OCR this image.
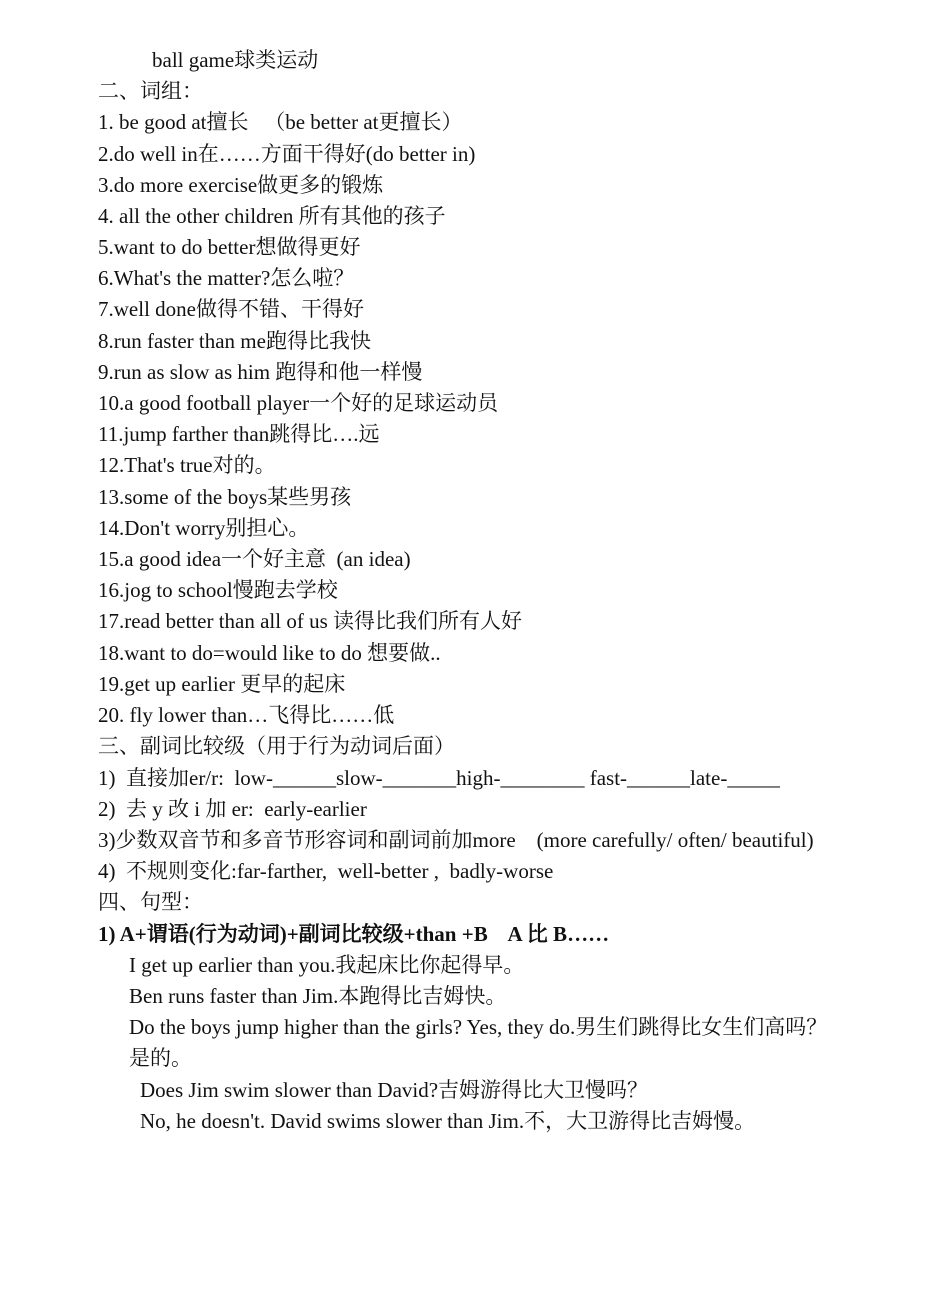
ball game球类运动
二、词组：
1. be good at擅长   （be better at更擅长）
2.do well in在……方面干得好(do better in)
3.do more exercise做更多的锻炼
4. all the other children 所有其他的孩子
5.want to do better想做得更好
6.What's the matter?怎么啦？
7.well done做得不错、干得好
8.run faster than me跑得比我快
9.run as slow as him 跑得和他一样慢
10.a good football player一个好的足球运动员
11.jump farther than跳得比….远
12.That's true对的。
13.some of the boys某些男孩
14.Don't worry别担心。
15.a good idea一个好主意  (an idea)
16.jog to school慢跑去学校
17.read better than all of us 读得比我们所有人好
18.want to do=would like to do 想要做..
19.get up earlier 更早的起床
20. fly lower than…飞得比……低
三、副词比较级（用于行为动词后面）
1)  直接加er/r:  low-______slow-_______high-________ fast-______late-_____
2)  去 y 改 i 加 er:  early-earlier
3)少数双音节和多音节形容词和副词前加more    (more carefully/ often/ beautiful)
4)  不规则变化:far-farther,  well-better ,  badly-worse
四、句型：
1) A+谓语(行为动词)+副词比较级+than +B    A 比 B……
I get up earlier than you.我起床比你起得早。
Ben runs faster than Jim.本跑得比吉姆快。
Do the boys jump higher than the girls? Yes, they do.男生们跳得比女生们高吗？
是的。
Does Jim swim slower than David?吉姆游得比大卫慢吗？
No, he doesn't. David swims slower than Jim.不，大卫游得比吉姆慢。
